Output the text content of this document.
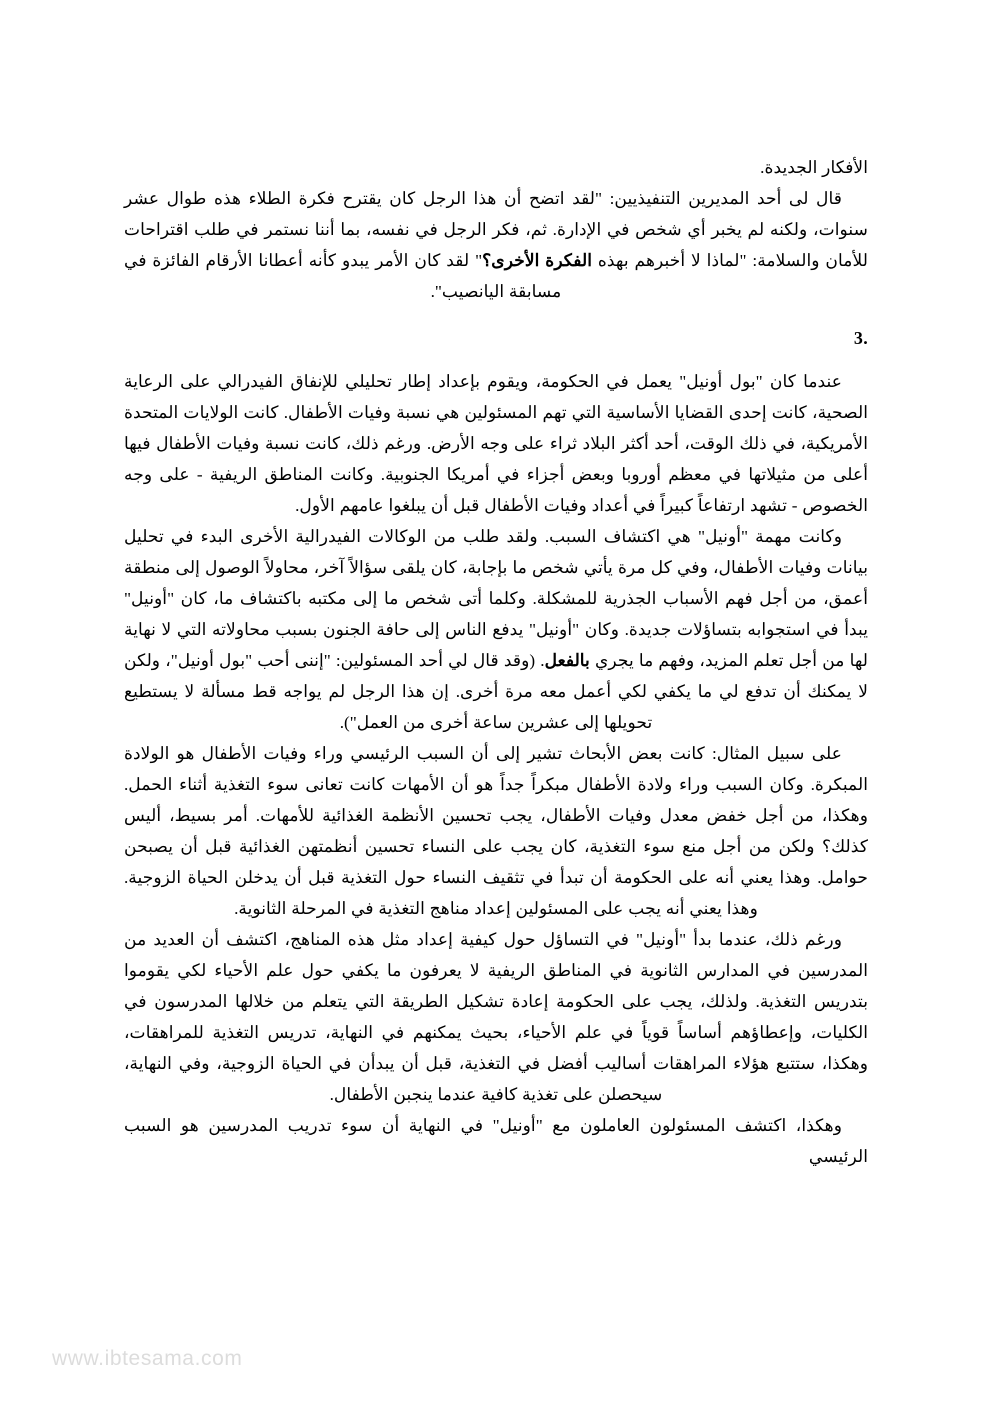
الأفكار الجديدة.

قال لى أحد المديرين التنفيذيين: "لقد اتضح أن هذا الرجل كان يقترح فكرة الطلاء هذه طوال عشر سنوات، ولكنه لم يخبر أي شخص في الإدارة. ثم، فكر الرجل في نفسه، بما أننا نستمر في طلب اقتراحات للأمان والسلامة: "لماذا لا أخبرهم بهذه الفكرة الأخرى؟" لقد كان الأمر يبدو كأنه أعطانا الأرقام الفائزة في مسابقة اليانصيب".

.3

عندما كان "بول أونيل" يعمل في الحكومة، ويقوم بإعداد إطار تحليلي للإنفاق الفيدرالي على الرعاية الصحية، كانت إحدى القضايا الأساسية التي تهم المسئولين هي نسبة وفيات الأطفال. كانت الولايات المتحدة الأمريكية، في ذلك الوقت، أحد أكثر البلاد ثراء على وجه الأرض. ورغم ذلك، كانت نسبة وفيات الأطفال فيها أعلى من مثيلاتها في معظم أوروبا وبعض أجزاء في أمريكا الجنوبية. وكانت المناطق الريفية - على وجه الخصوص - تشهد ارتفاعاً كبيراً في أعداد وفيات الأطفال قبل أن يبلغوا عامهم الأول.

وكانت مهمة "أونيل" هي اكتشاف السبب. ولقد طلب من الوكالات الفيدرالية الأخرى البدء في تحليل بيانات وفيات الأطفال، وفي كل مرة يأتي شخص ما بإجابة، كان يلقى سؤالاً آخر، محاولاً الوصول إلى منطقة أعمق، من أجل فهم الأسباب الجذرية للمشكلة. وكلما أتى شخص ما إلى مكتبه باكتشاف ما، كان "أونيل" يبدأ في استجوابه بتساؤلات جديدة. وكان "أونيل" يدفع الناس إلى حافة الجنون بسبب محاولاته التي لا نهاية لها من أجل تعلم المزيد، وفهم ما يجري بالفعل. (وقد قال لي أحد المسئولين: "إننى أحب "بول أونيل"، ولكن لا يمكنك أن تدفع لي ما يكفي لكي أعمل معه مرة أخرى. إن هذا الرجل لم يواجه قط مسألة لا يستطيع تحويلها إلى عشرين ساعة أخرى من العمل").

على سبيل المثال: كانت بعض الأبحاث تشير إلى أن السبب الرئيسي وراء وفيات الأطفال هو الولادة المبكرة. وكان السبب وراء ولادة الأطفال مبكراً جداً هو أن الأمهات كانت تعانى سوء التغذية أثناء الحمل. وهكذا، من أجل خفض معدل وفيات الأطفال، يجب تحسين الأنظمة الغذائية للأمهات. أمر بسيط، أليس كذلك؟ ولكن من أجل منع سوء التغذية، كان يجب على النساء تحسين أنظمتهن الغذائية قبل أن يصبحن حوامل. وهذا يعني أنه على الحكومة أن تبدأ في تثقيف النساء حول التغذية قبل أن يدخلن الحياة الزوجية. وهذا يعني أنه يجب على المسئولين إعداد مناهج التغذية في المرحلة الثانوية.

ورغم ذلك، عندما بدأ "أونيل" في التساؤل حول كيفية إعداد مثل هذه المناهج، اكتشف أن العديد من المدرسين في المدارس الثانوية في المناطق الريفية لا يعرفون ما يكفي حول علم الأحياء لكي يقوموا بتدريس التغذية. ولذلك، يجب على الحكومة إعادة تشكيل الطريقة التي يتعلم من خلالها المدرسون في الكليات، وإعطاؤهم أساساً قوياً في علم الأحياء، بحيث يمكنهم في النهاية، تدريس التغذية للمراهقات، وهكذا، ستتبع هؤلاء المراهقات أساليب أفضل في التغذية، قبل أن يبدأن في الحياة الزوجية، وفي النهاية، سيحصلن على تغذية كافية عندما ينجبن الأطفال.

وهكذا، اكتشف المسئولون العاملون مع "أونيل" في النهاية أن سوء تدريب المدرسين هو السبب الرئيسي

www.ibtesama.com
